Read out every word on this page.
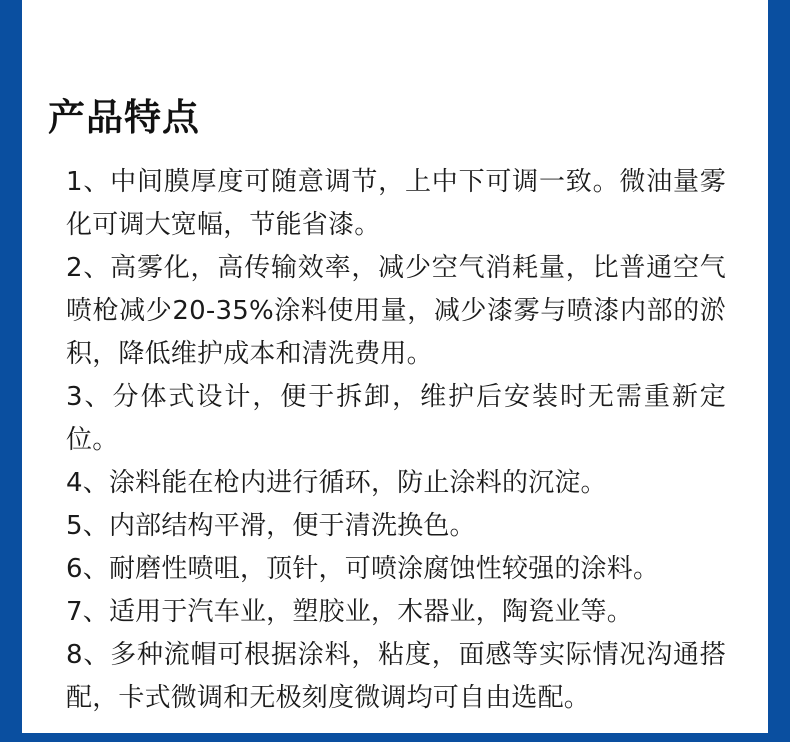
产品特点
1、中间膜厚度可随意调节，上中下可调一致。微油量雾化可调大宽幅，节能省漆。
2、高雾化，高传输效率，减少空气消耗量，比普通空气喷枪减少20-35%涂料使用量，减少漆雾与喷漆内部的淤积，降低维护成本和清洗费用。
3、分体式设计，便于拆卸，维护后安装时无需重新定位。
4、涂料能在枪内进行循环，防止涂料的沉淀。
5、内部结构平滑，便于清洗换色。
6、耐磨性喷咀，顶针，可喷涂腐蚀性较强的涂料。
7、适用于汽车业，塑胶业，木器业，陶瓷业等。
8、多种流帽可根据涂料，粘度，面感等实际情况沟通搭配，卡式微调和无极刻度微调均可自由选配。
